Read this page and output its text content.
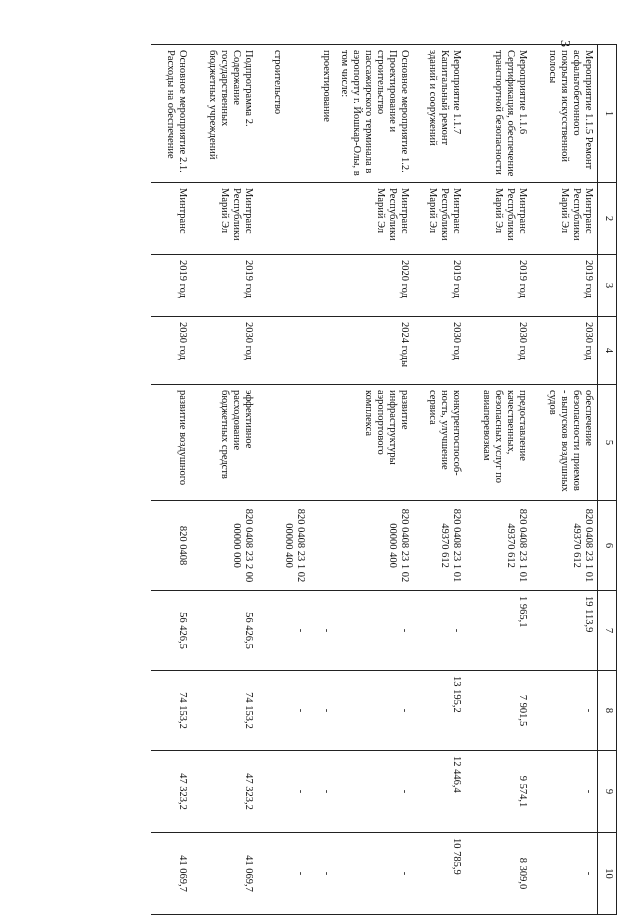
3
1	2	3	4	5	6	7	8	9	10
Мероприятие 1.1.5 Ремонт асфальтобетонного покрытия искусственной полосы	Минтранс Республики Марий Эл	2019 год	2030 год	обеспечение безопасности приемов - выпусков воздушных судов	820 0408 23 1 01 49370 612	19 113,9	-	-	-
Мероприятие 1.1.6 Сертификация, обеспечение транспортной безопасности	Минтранс Республики Марий Эл	2019 год	2030 год	предоставление качественных, безопасных услуг по авиаперевозкам	820 0408 23 1 01 49370 612	1 965,1	7 901,5	9 574,1	8 309,0
Мероприятие 1.1.7 Капитальный ремонт зданий и сооружений	Минтранс Республики Марий Эл	2019 год	2030 год	конкурентоспособ-ность, улучшение сервиса	820 0408 23 1 01 49370 612	-	13 195,2	12 446,4	10 785,9
Основное мероприятие 1.2. Проектирование и строительство пассажирского терминала в аэропорту г. Йошкар-Олы, в том числе:	Минтранс Республики Марий Эл	2020 год	2024 годы	развитие инфраструктуры аэропортового комплекса	820 0408 23 1 02 00000 400	-	-	-	-
проектирование						-	-	-	-
строительство					820 0408 23 1 02 00000 400	-	-	-	-
Подпрограмма 2. Содержание государственных бюджетных учреждений	Минтранс Республики Марий Эл	2019 год	2030 год	эффективное расходование бюджетных средств	820 0408 23 2 00 00000 000	56 426,5	74 153,2	47 323,2	41 069,7
Основное мероприятие 2.1. Расходы на обеспечение	Минтранс	2019 год	2030 год	развитие воздушного	820 0408	56 426,5	74 153,2	47 323,2	41 069,7
